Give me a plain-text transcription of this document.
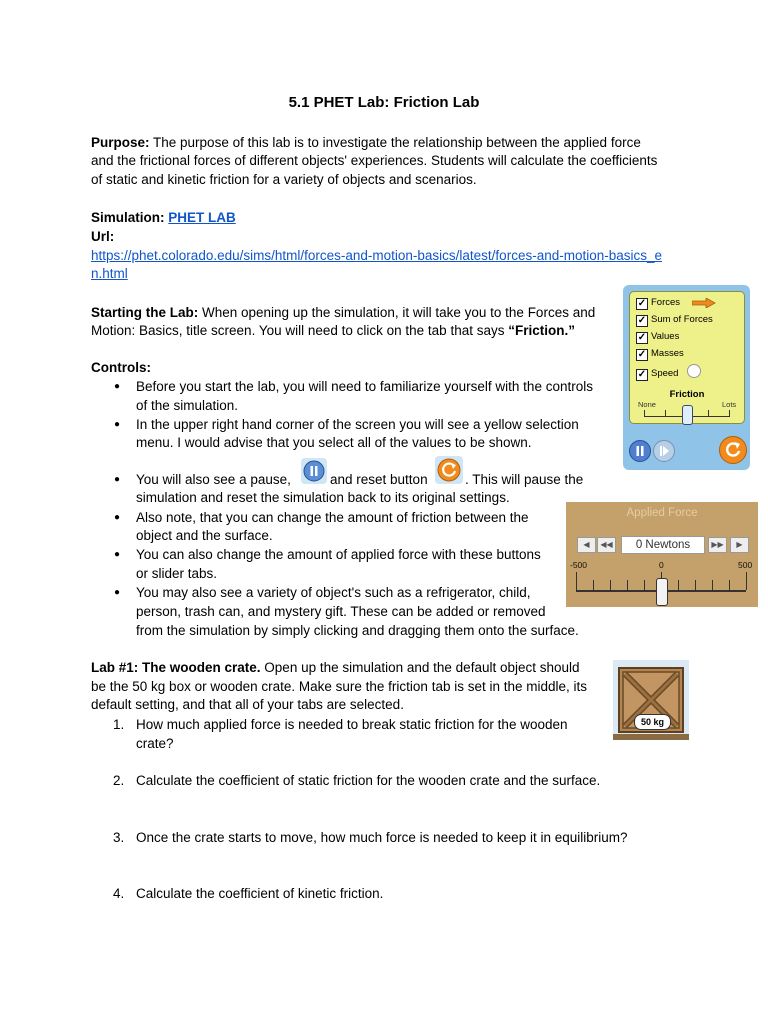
5.1 PHET Lab: Friction Lab
Purpose: The purpose of this lab is to investigate the relationship between the applied force
and the frictional forces of different objects' experiences. Students will calculate the coefficients
of static and kinetic friction for a variety of objects and scenarios.
Simulation: PHET LAB
Url:
https://phet.colorado.edu/sims/html/forces-and-motion-basics/latest/forces-and-motion-basics_e
n.html
Starting the Lab: When opening up the simulation, it will take you to the Forces and
Motion: Basics, title screen. You will need to click on the tab that says “Friction.”
Controls:
● Before you start the lab, you will need to familiarize yourself with the controls
of the simulation.
● In the upper right hand corner of the screen you will see a yellow selection
menu. I would advise that you select all of the values to be shown.
● You will also see a pause,	and reset button	. This will pause the
simulation and reset the simulation back to its original settings.
● Also note, that you can change the amount of friction between the
object and the surface.
● You can also change the amount of applied force with these buttons
or slider tabs.
● You may also see a variety of object's such as a refrigerator, child,
person, trash can, and mystery gift. These can be added or removed
from the simulation by simply clicking and dragging them onto the surface.
Lab #1: The wooden crate. Open up the simulation and the default object should
be the 50 kg box or wooden crate. Make sure the friction tab is set in the middle, its
default setting, and that all of your tabs are selected.
1. How much applied force is needed to break static friction for the wooden
crate?
2. Calculate the coefficient of static friction for the wooden crate and the surface.
3. Once the crate starts to move, how much force is needed to keep it in equilibrium?
4. Calculate the coefficient of kinetic friction.
✓ Forces
✓ Sum of Forces
✓ Values
✓ Masses
✓ Speed
Friction
None	Lots
Applied Force
◀	◀◀	0 Newtons	▶▶	▶
-500	0	500
50 kg
